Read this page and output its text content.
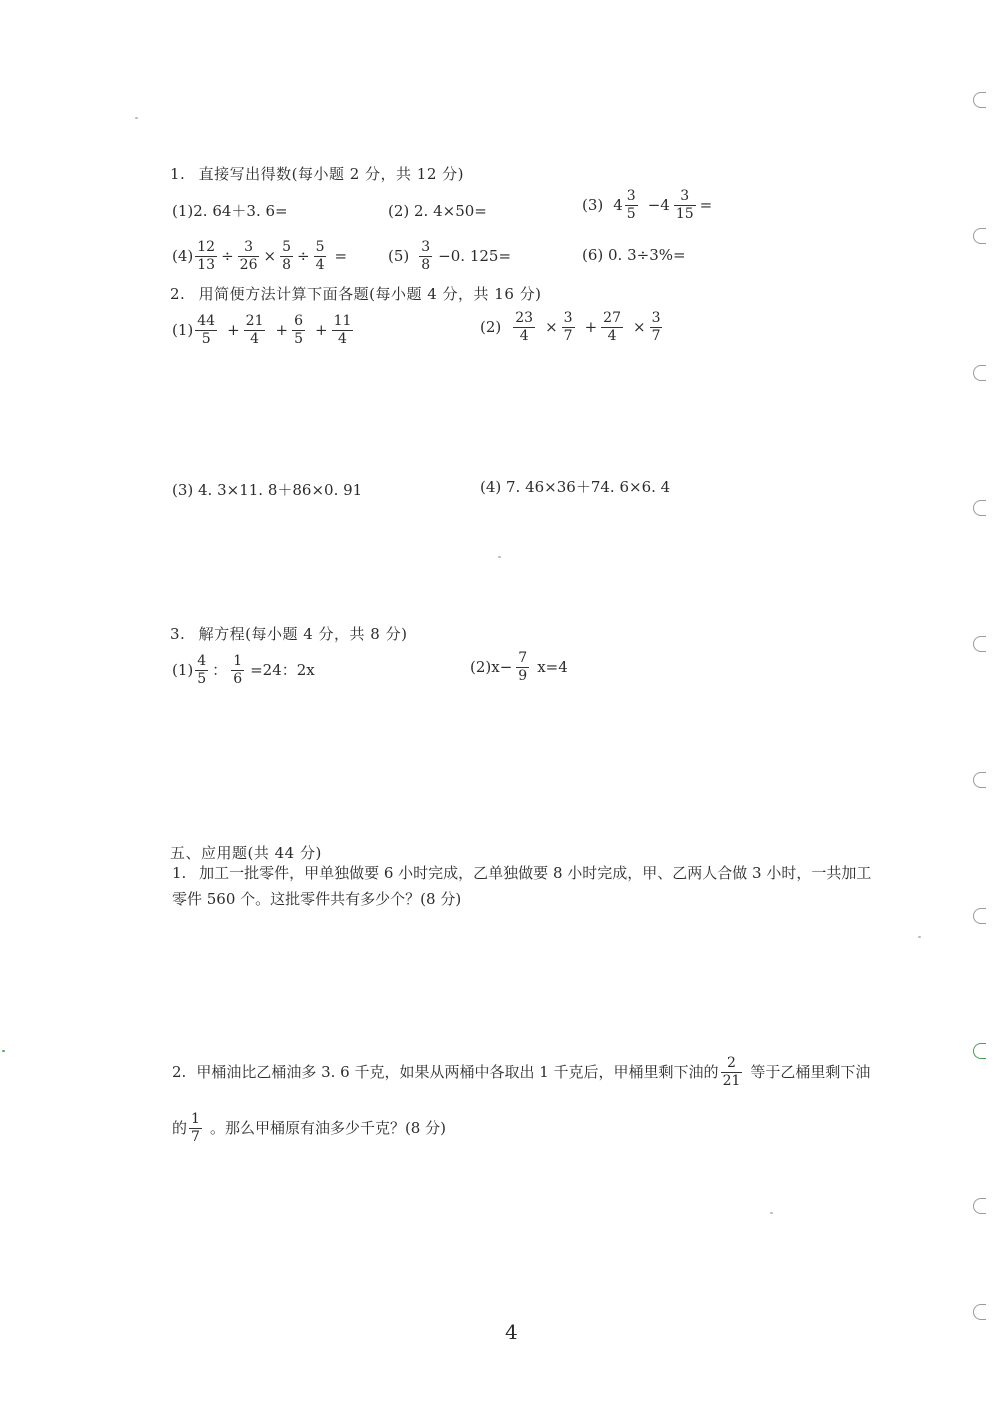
1. 直接写出得数(每小题 2 分，共 12 分)
(1)2. 64＋3. 6=	(2) 2. 4×50=	(3) $4 \frac{3}{5} -4 \frac{3}{15}$ =
$(4) \frac{12}{13} \div \frac{3}{26} \times \frac{5}{8} \div \frac{5}{4}$ =	$(5) \frac{3}{8} -0$. 125=	(6) 0. 3÷3%=
2. 用简便方法计算下面各题(每小题 4 分，共 16 分)
$(1) \frac{44}{5} + \frac{21}{4} + \frac{6}{5} + \frac{11}{4}$	$(2) \frac{23}{4} \times \frac{3}{7} + \frac{27}{4} \times \frac{3}{7}$
(3) 4. 3×11. 8＋86×0. 91	(4) 7. 46×36＋74. 6×6. 4
3. 解方程(每小题 4 分，共 8 分)
$(1) \frac{4}{5}$ ： $\frac{1}{6} =24$：2x	$(2)x- \frac{7}{9} x=4$
五、应用题(共 44 分)
1. 加工一批零件，甲单独做要 6 小时完成，乙单独做要 8 小时完成，甲、乙两人合做 3 小时，一共加工
零件 560 个。这批零件共有多少个？(8 分)
2. 甲桶油比乙桶油多 3. 6 千克，如果从两桶中各取出 1 千克后，甲桶里剩下油的 $\frac{2}{21}$ 等于乙桶里剩下油
的 $\frac{1}{7}$ 。那么甲桶原有油多少千克？(8 分)
4
